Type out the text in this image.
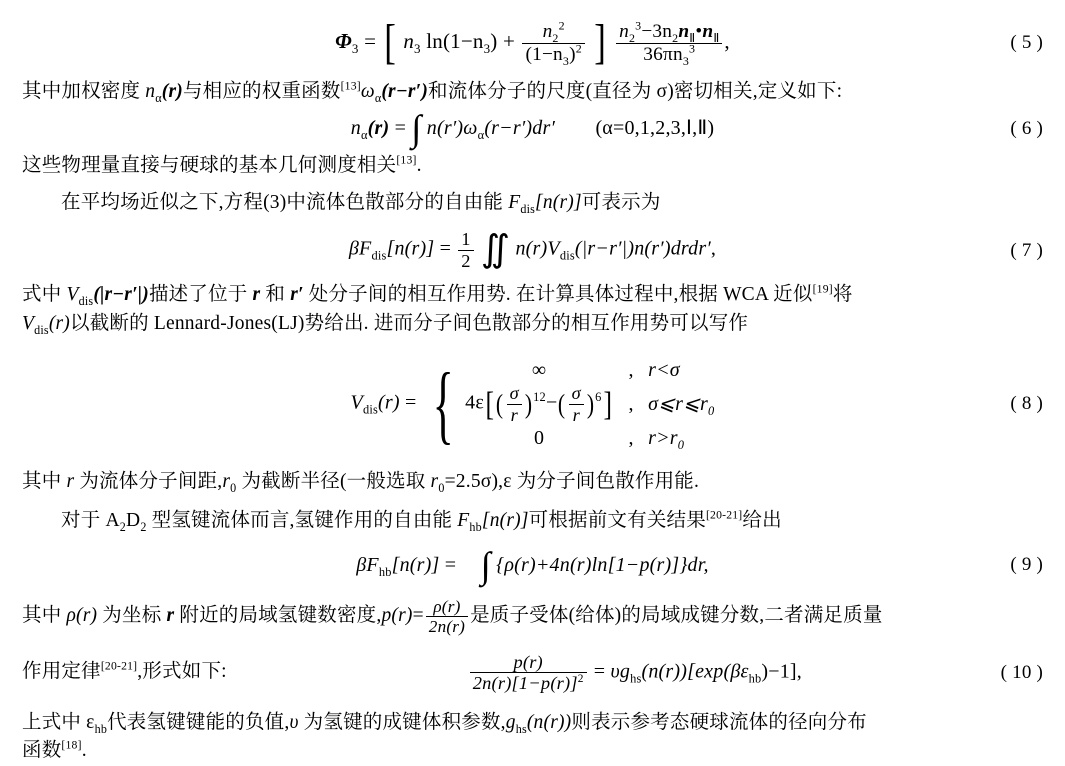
$\Phi_3$ = [ $n_3$ $\ln(1-n_3) + \frac{n_2^2}{(1-n_3)^2}$ ] $\frac{n_2^3-3n_2n_Ⅱ•n_Ⅱ}{36\pi n_3^3}$ ,	( 5 )
其中加权密度 $n_\alpha(r)$与相应的权重函数$[13]\omega_\alpha(r-r')$和流体分子的尺度(直径为 σ)密切相关,定义如下:
$n_\alpha(r)$ = ∫ $n(r')\omega_\alpha(r-r')dr'$ (α=0,1,2,3,Ⅰ,Ⅱ)	( 6 )
这些物理量直接与硬球的基本几何测度相关[13].
在平均场近似之下,方程(3)中流体色散部分的自由能 $F_{dis}[n(r)]$可表示为
$\beta F_{dis}[n(r)] = \frac{1}{2}$ ∬ $n(r)V_{dis}(|r-r'|)n(r')drdr'$,	( 7 )
式中 $V_{dis}(|r-r'|)$描述了位于 r 和 r′ 处分子间的相互作用势. 在计算具体过程中,根据 WCA 近似[19]将
$V_{dis}(r)$以截断的 Lennard-Jones(LJ)势给出. 进而分子间色散部分的相互作用势可以写作
$V_{dis}(r)$ = {	∞	, r<σ
$4\varepsilon[( \frac{\sigma}{r} )^{12}-( \frac{\sigma}{r} )^6]$ , $\sigma⩽r⩽r_0$
0	, $r>r_0$
( 8 )
其中 r 为流体分子间距$,r_0$ 为截断半径(一般选取 $r_0=2.5\sigma),\varepsilon$ 为分子间色散作用能.
对于 $A_2D_2$ 型氢键流体而言,氢键作用的自由能 $F_{hb}[n(r)]$可根据前文有关结果[20-21]给出
$\beta F_{hb}[n(r)]$ = ∫ {ρ(r)+4n(r)ln[1−p(r)]}dr,	( 9 )
其中 ρ(r) 为坐标 r 附近的局域氢键数密度$,p(r)= \frac{\rho(r)}{2n(r)}$ 是质子受体(给体)的局域成键分数,二者满足质量
作用定律[20-21],形式如下:	$\frac{p(r)}{2n(r)[1-p(r)]^2} = \upsilon g_{hs}(n(r))[\exp(\beta\varepsilon_{hb})-1]$,	( 10 )
上式中 $\varepsilon_{hb}$代表氢键键能的负值,υ 为氢键的成键体积参数$,g_{hs}(n(r))$则表示参考态硬球流体的径向分布
函数[18].
